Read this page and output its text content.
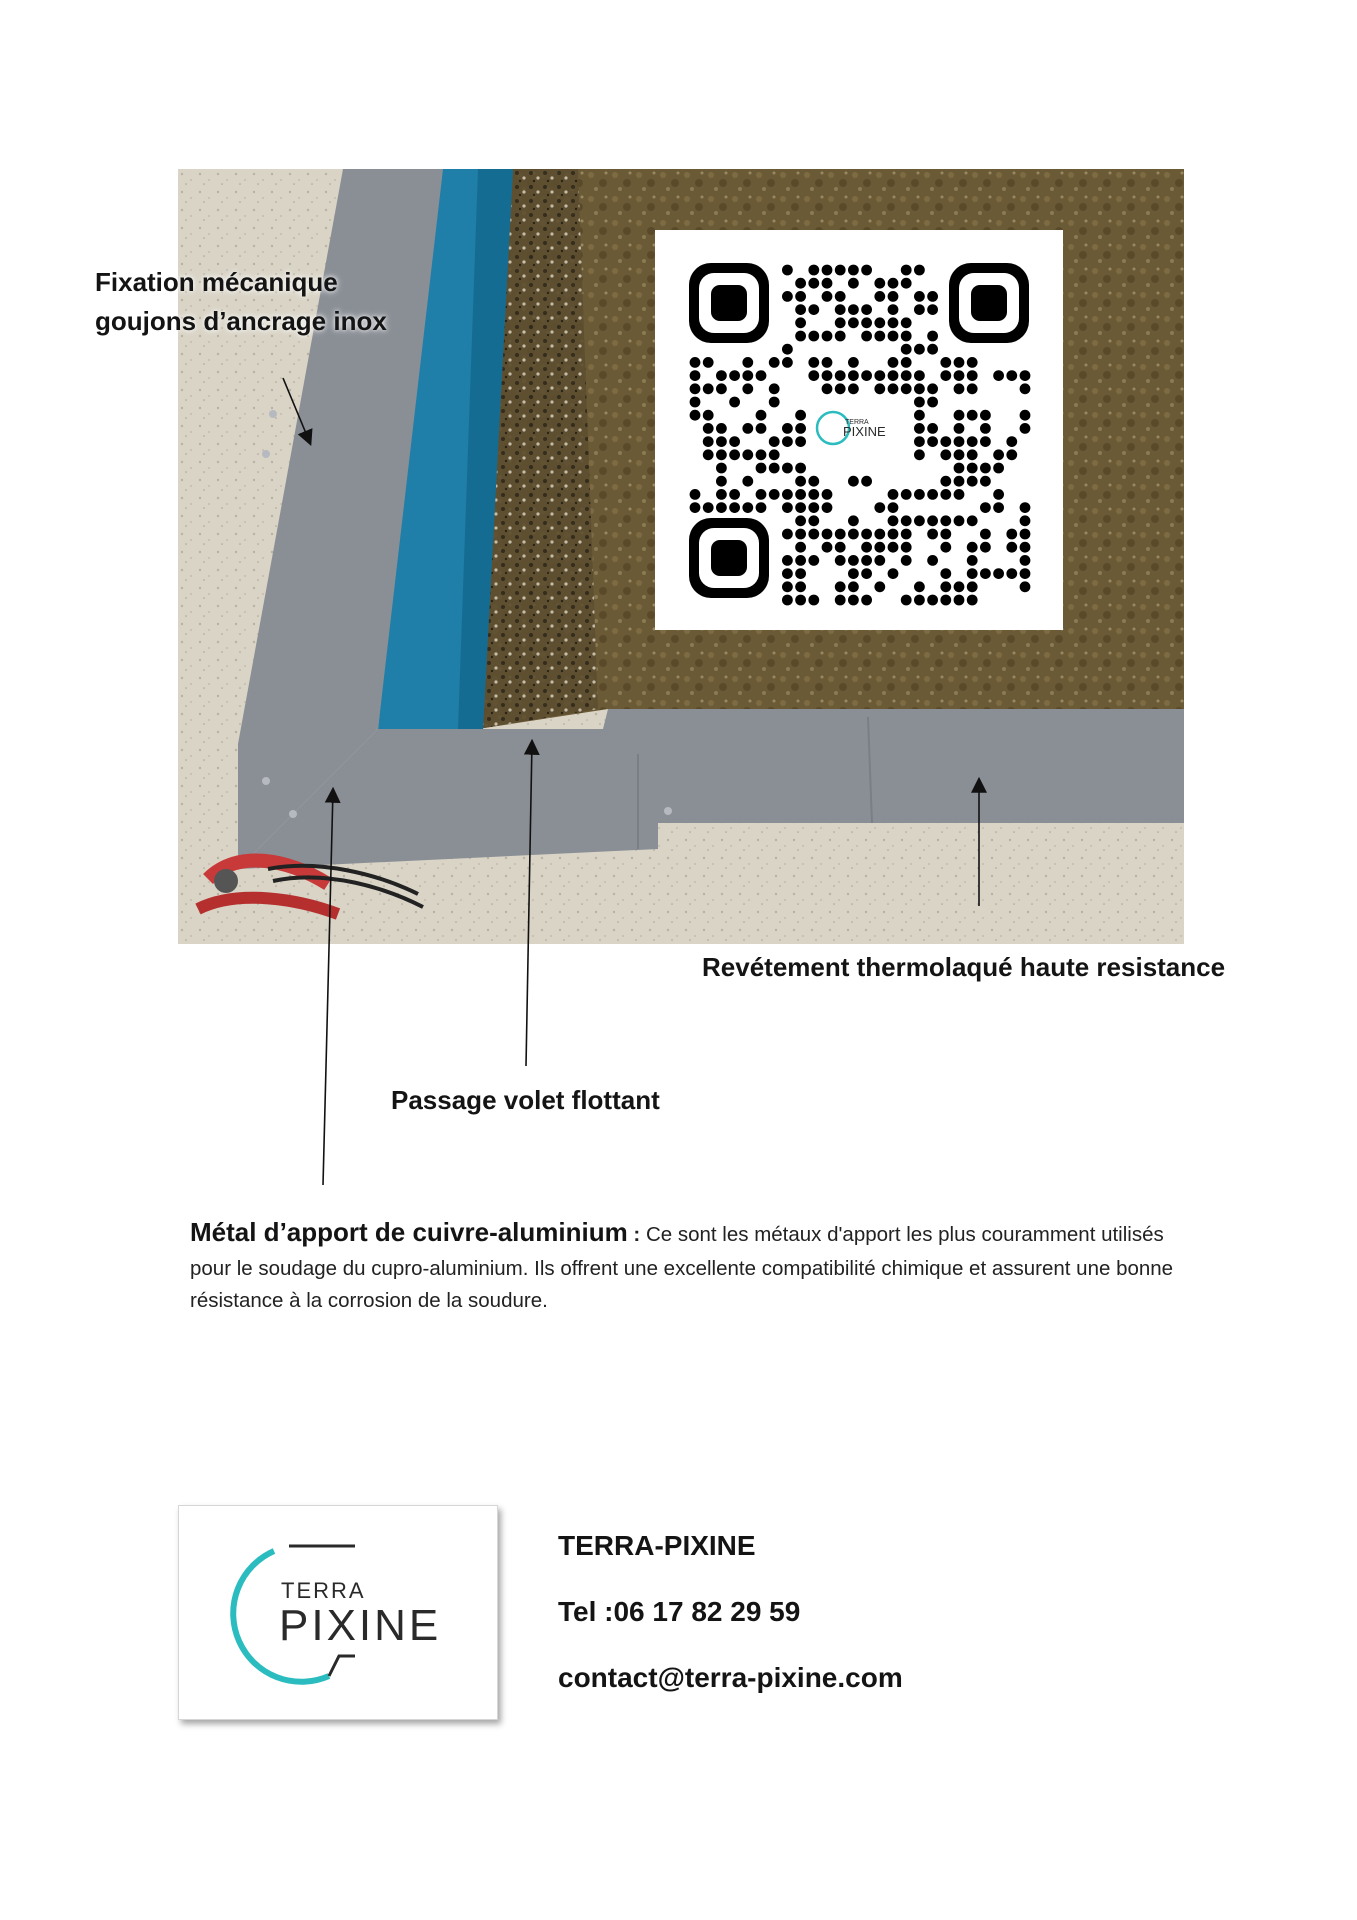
TERRA
PIXINE
Fixation mécanique
goujons d’ancrage inox
Revétement thermolaqué haute resistance
Passage volet flottant
Métal d’apport de cuivre-aluminium : Ce sont les métaux d'apport les plus couramment utilisés pour le soudage du cupro-aluminium. Ils offrent une excellente compatibilité chimique et assurent une bonne résistance à la corrosion de la soudure.
TERRA
PIXINE
TERRA-PIXINE
Tel :06 17 82 29 59
contact@terra-pixine.com
